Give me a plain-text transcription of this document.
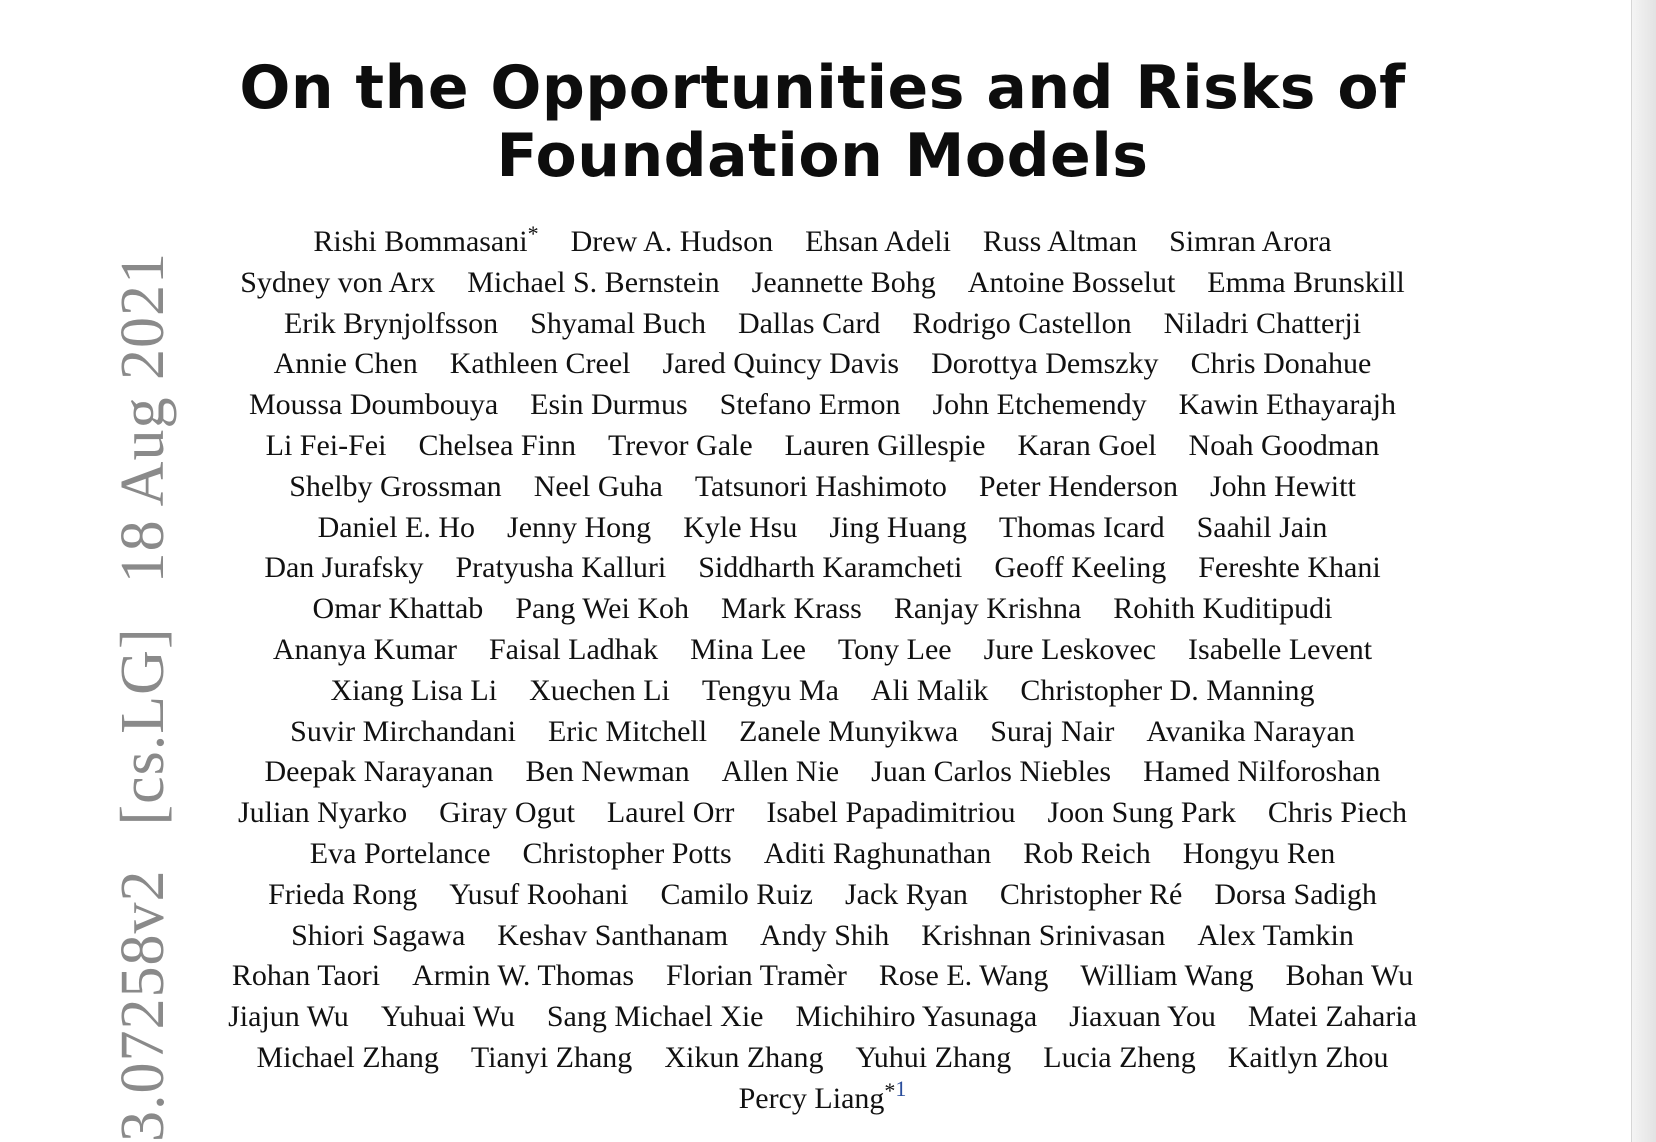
3.07258v2[cs.LG]18 Aug 2021
On the Opportunities and Risks of
Foundation Models
Rishi Bommasani* Drew A. Hudson Ehsan Adeli Russ Altman Simran Arora
Sydney von Arx Michael S. Bernstein Jeannette Bohg Antoine Bosselut Emma Brunskill
Erik Brynjolfsson Shyamal Buch Dallas Card Rodrigo Castellon Niladri Chatterji
Annie Chen Kathleen Creel Jared Quincy Davis Dorottya Demszky Chris Donahue
Moussa Doumbouya Esin Durmus Stefano Ermon John Etchemendy Kawin Ethayarajh
Li Fei-Fei Chelsea Finn Trevor Gale Lauren Gillespie Karan Goel Noah Goodman
Shelby Grossman Neel Guha Tatsunori Hashimoto Peter Henderson John Hewitt
Daniel E. Ho Jenny Hong Kyle Hsu Jing Huang Thomas Icard Saahil Jain
Dan Jurafsky Pratyusha Kalluri Siddharth Karamcheti Geoff Keeling Fereshte Khani
Omar Khattab Pang Wei Koh Mark Krass Ranjay Krishna Rohith Kuditipudi
Ananya Kumar Faisal Ladhak Mina Lee Tony Lee Jure Leskovec Isabelle Levent
Xiang Lisa Li Xuechen Li Tengyu Ma Ali Malik Christopher D. Manning
Suvir Mirchandani Eric Mitchell Zanele Munyikwa Suraj Nair Avanika Narayan
Deepak Narayanan Ben Newman Allen Nie Juan Carlos Niebles Hamed Nilforoshan
Julian Nyarko Giray Ogut Laurel Orr Isabel Papadimitriou Joon Sung Park Chris Piech
Eva Portelance Christopher Potts Aditi Raghunathan Rob Reich Hongyu Ren
Frieda Rong Yusuf Roohani Camilo Ruiz Jack Ryan Christopher Ré Dorsa Sadigh
Shiori Sagawa Keshav Santhanam Andy Shih Krishnan Srinivasan Alex Tamkin
Rohan Taori Armin W. Thomas Florian Tramèr Rose E. Wang William Wang Bohan Wu
Jiajun Wu Yuhuai Wu Sang Michael Xie Michihiro Yasunaga Jiaxuan You Matei Zaharia
Michael Zhang Tianyi Zhang Xikun Zhang Yuhui Zhang Lucia Zheng Kaitlyn Zhou
Percy Liang$^{*1}$
